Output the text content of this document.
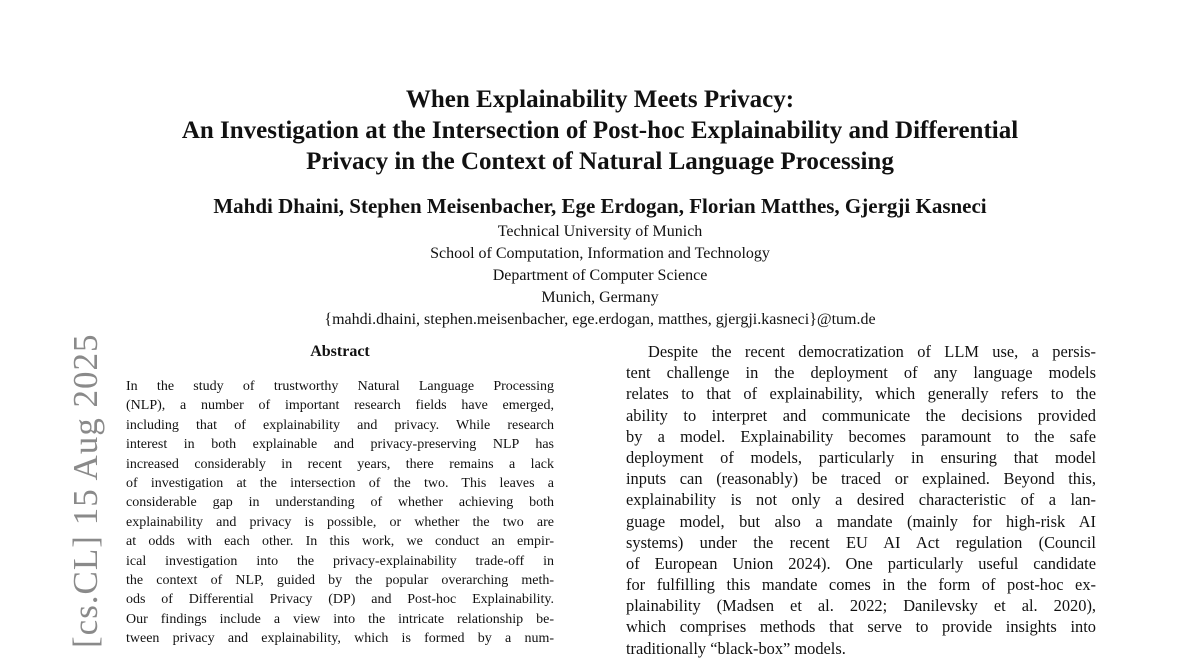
[cs.CL] 15 Aug 2025
When Explainability Meets Privacy:
An Investigation at the Intersection of Post-hoc Explainability and Differential
Privacy in the Context of Natural Language Processing
Mahdi Dhaini, Stephen Meisenbacher, Ege Erdogan, Florian Matthes, Gjergji Kasneci
Technical University of Munich
School of Computation, Information and Technology
Department of Computer Science
Munich, Germany
{mahdi.dhaini, stephen.meisenbacher, ege.erdogan, matthes, gjergji.kasneci}@tum.de
Abstract
In the study of trustworthy Natural Language Processing
(NLP), a number of important research fields have emerged,
including that of explainability and privacy. While research
interest in both explainable and privacy-preserving NLP has
increased considerably in recent years, there remains a lack
of investigation at the intersection of the two. This leaves a
considerable gap in understanding of whether achieving both
explainability and privacy is possible, or whether the two are
at odds with each other. In this work, we conduct an empir-
ical investigation into the privacy-explainability trade-off in
the context of NLP, guided by the popular overarching meth-
ods of Differential Privacy (DP) and Post-hoc Explainability.
Our findings include a view into the intricate relationship be-
tween privacy and explainability, which is formed by a num-
Despite the recent democratization of LLM use, a persis-
tent challenge in the deployment of any language models
relates to that of explainability, which generally refers to the
ability to interpret and communicate the decisions provided
by a model. Explainability becomes paramount to the safe
deployment of models, particularly in ensuring that model
inputs can (reasonably) be traced or explained. Beyond this,
explainability is not only a desired characteristic of a lan-
guage model, but also a mandate (mainly for high-risk AI
systems) under the recent EU AI Act regulation (Council
of European Union 2024). One particularly useful candidate
for fulfilling this mandate comes in the form of post-hoc ex-
plainability (Madsen et al. 2022; Danilevsky et al. 2020),
which comprises methods that serve to provide insights into
traditionally “black-box” models.
